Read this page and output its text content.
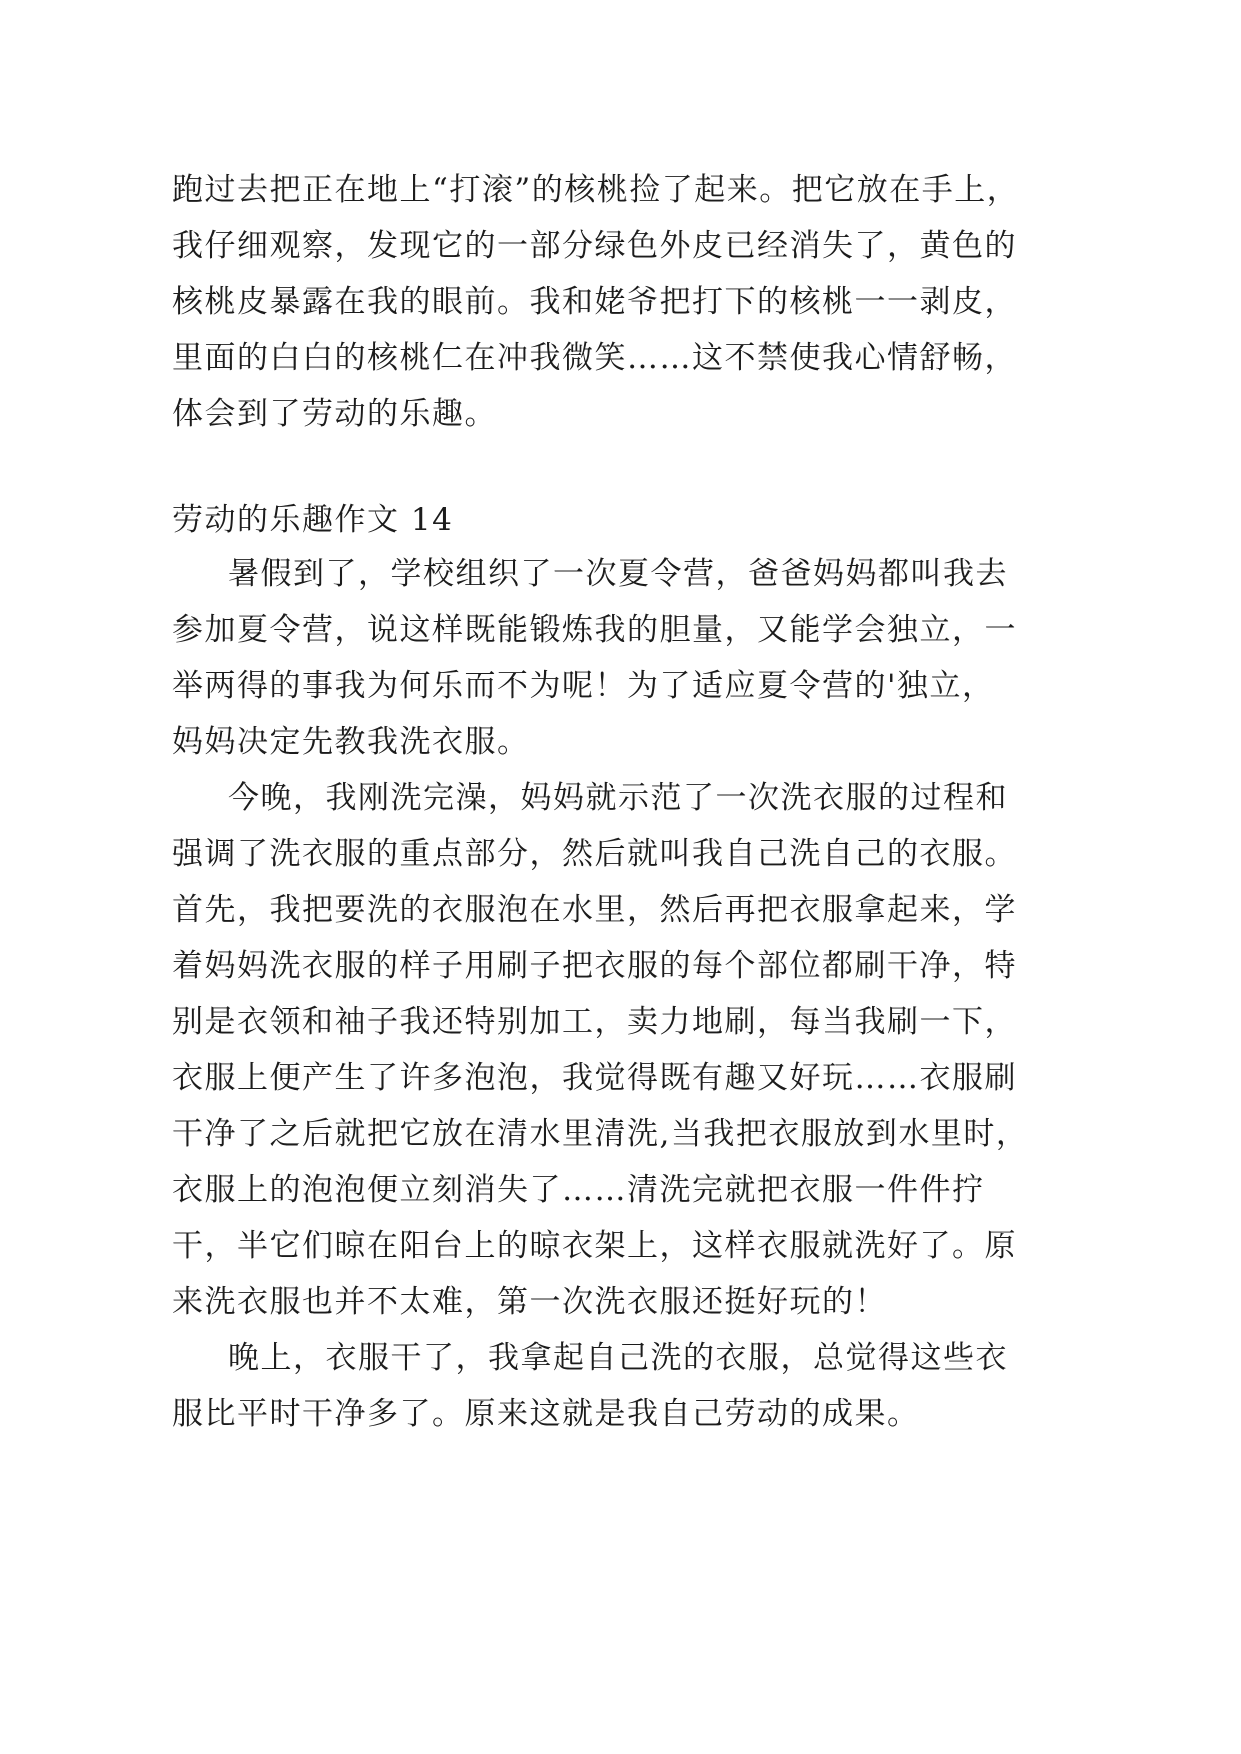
跑过去把正在地上“打滚”的核桃捡了起来。把它放在手上，
我仔细观察，发现它的一部分绿色外皮已经消失了，黄色的
核桃皮暴露在我的眼前。我和姥爷把打下的核桃一一剥皮，
里面的白白的核桃仁在冲我微笑……这不禁使我心情舒畅，
体会到了劳动的乐趣。
劳动的乐趣作文 14
暑假到了，学校组织了一次夏令营，爸爸妈妈都叫我去
参加夏令营，说这样既能锻炼我的胆量，又能学会独立，一
举两得的事我为何乐而不为呢！为了适应夏令营的'独立，
妈妈决定先教我洗衣服。
今晚，我刚洗完澡，妈妈就示范了一次洗衣服的过程和
强调了洗衣服的重点部分，然后就叫我自己洗自己的衣服。
首先，我把要洗的衣服泡在水里，然后再把衣服拿起来，学
着妈妈洗衣服的样子用刷子把衣服的每个部位都刷干净，特
别是衣领和袖子我还特别加工，卖力地刷，每当我刷一下，
衣服上便产生了许多泡泡，我觉得既有趣又好玩……衣服刷
干净了之后就把它放在清水里清洗,当我把衣服放到水里时，
衣服上的泡泡便立刻消失了……清洗完就把衣服一件件拧
干，半它们晾在阳台上的晾衣架上，这样衣服就洗好了。原
来洗衣服也并不太难，第一次洗衣服还挺好玩的！
晚上，衣服干了，我拿起自己洗的衣服，总觉得这些衣
服比平时干净多了。原来这就是我自己劳动的成果。
